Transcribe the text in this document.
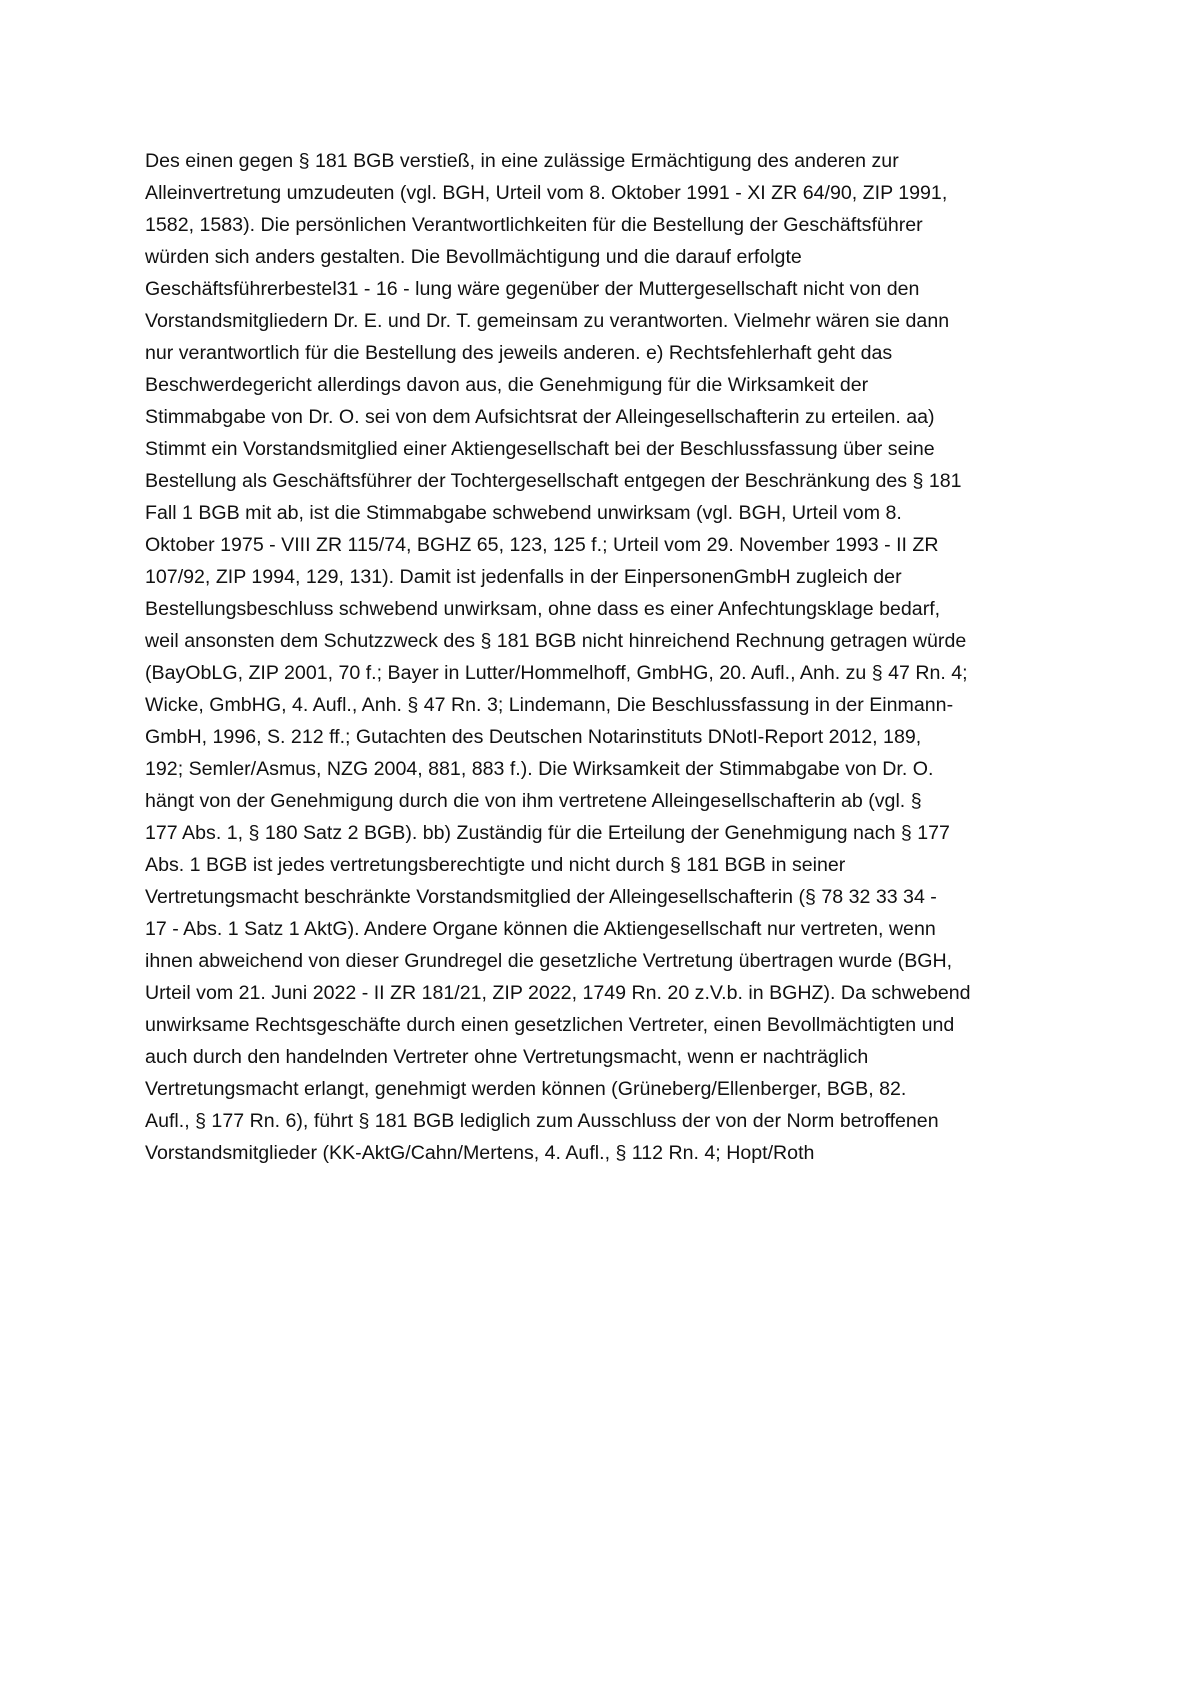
Des einen gegen § 181 BGB verstieß, in eine zulässige Ermächtigung des anderen zur
Alleinvertretung umzudeuten (vgl. BGH, Urteil vom 8. Oktober 1991 - XI ZR 64/90, ZIP 1991,
1582, 1583). Die persönlichen Verantwortlichkeiten für die Bestellung der Geschäftsführer
würden sich anders gestalten. Die Bevollmächtigung und die darauf erfolgte
Geschäftsführerbestel31 - 16 - lung wäre gegenüber der Muttergesellschaft nicht von den
Vorstandsmitgliedern Dr. E. und Dr. T. gemeinsam zu verantworten. Vielmehr wären sie dann
nur verantwortlich für die Bestellung des jeweils anderen. e) Rechtsfehlerhaft geht das
Beschwerdegericht allerdings davon aus, die Genehmigung für die Wirksamkeit der
Stimmabgabe von Dr. O. sei von dem Aufsichtsrat der Alleingesellschafterin zu erteilen. aa)
Stimmt ein Vorstandsmitglied einer Aktiengesellschaft bei der Beschlussfassung über seine
Bestellung als Geschäftsführer der Tochtergesellschaft entgegen der Beschränkung des § 181
Fall 1 BGB mit ab, ist die Stimmabgabe schwebend unwirksam (vgl. BGH, Urteil vom 8.
Oktober 1975 - VIII ZR 115/74, BGHZ 65, 123, 125 f.; Urteil vom 29. November 1993 - II ZR
107/92, ZIP 1994, 129, 131). Damit ist jedenfalls in der EinpersonenGmbH zugleich der
Bestellungsbeschluss schwebend unwirksam, ohne dass es einer Anfechtungsklage bedarf,
weil ansonsten dem Schutzzweck des § 181 BGB nicht hinreichend Rechnung getragen würde
(BayObLG, ZIP 2001, 70 f.; Bayer in Lutter/Hommelhoff, GmbHG, 20. Aufl., Anh. zu § 47 Rn. 4;
Wicke, GmbHG, 4. Aufl., Anh. § 47 Rn. 3; Lindemann, Die Beschlussfassung in der Einmann-
GmbH, 1996, S. 212 ff.; Gutachten des Deutschen Notarinstituts DNotI-Report 2012, 189,
192; Semler/Asmus, NZG 2004, 881, 883 f.). Die Wirksamkeit der Stimmabgabe von Dr. O.
hängt von der Genehmigung durch die von ihm vertretene Alleingesellschafterin ab (vgl. §
177 Abs. 1, § 180 Satz 2 BGB). bb) Zuständig für die Erteilung der Genehmigung nach § 177
Abs. 1 BGB ist jedes vertretungsberechtigte und nicht durch § 181 BGB in seiner
Vertretungsmacht beschränkte Vorstandsmitglied der Alleingesellschafterin (§ 78 32 33 34 -
17 - Abs. 1 Satz 1 AktG). Andere Organe können die Aktiengesellschaft nur vertreten, wenn
ihnen abweichend von dieser Grundregel die gesetzliche Vertretung übertragen wurde (BGH,
Urteil vom 21. Juni 2022 - II ZR 181/21, ZIP 2022, 1749 Rn. 20 z.V.b. in BGHZ). Da schwebend
unwirksame Rechtsgeschäfte durch einen gesetzlichen Vertreter, einen Bevollmächtigten und
auch durch den handelnden Vertreter ohne Vertretungsmacht, wenn er nachträglich
Vertretungsmacht erlangt, genehmigt werden können (Grüneberg/Ellenberger, BGB, 82.
Aufl., § 177 Rn. 6), führt § 181 BGB lediglich zum Ausschluss der von der Norm betroffenen
Vorstandsmitglieder (KK-AktG/Cahn/Mertens, 4. Aufl., § 112 Rn. 4; Hopt/Roth
